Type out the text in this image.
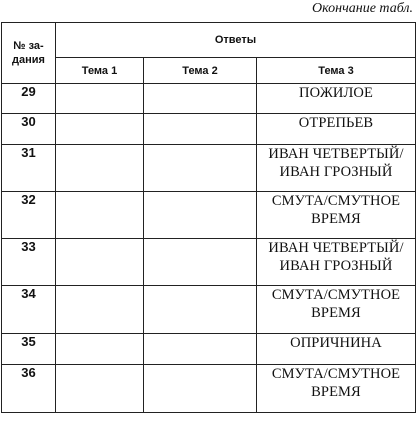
Окончание табл.
№ за-
дания	Ответы		
	Тема 1	Тема 2	Тема 3
29			ПОЖИЛОЕ
30			ОТРЕПЬЕВ
31			ИВАН ЧЕТВЕРТЫЙ/
ИВАН ГРОЗНЫЙ
32			СМУТА/СМУТНОЕ
ВРЕМЯ
33			ИВАН ЧЕТВЕРТЫЙ/
ИВАН ГРОЗНЫЙ
34			СМУТА/СМУТНОЕ
ВРЕМЯ
35			ОПРИЧНИНА
36			СМУТА/СМУТНОЕ
ВРЕМЯ
